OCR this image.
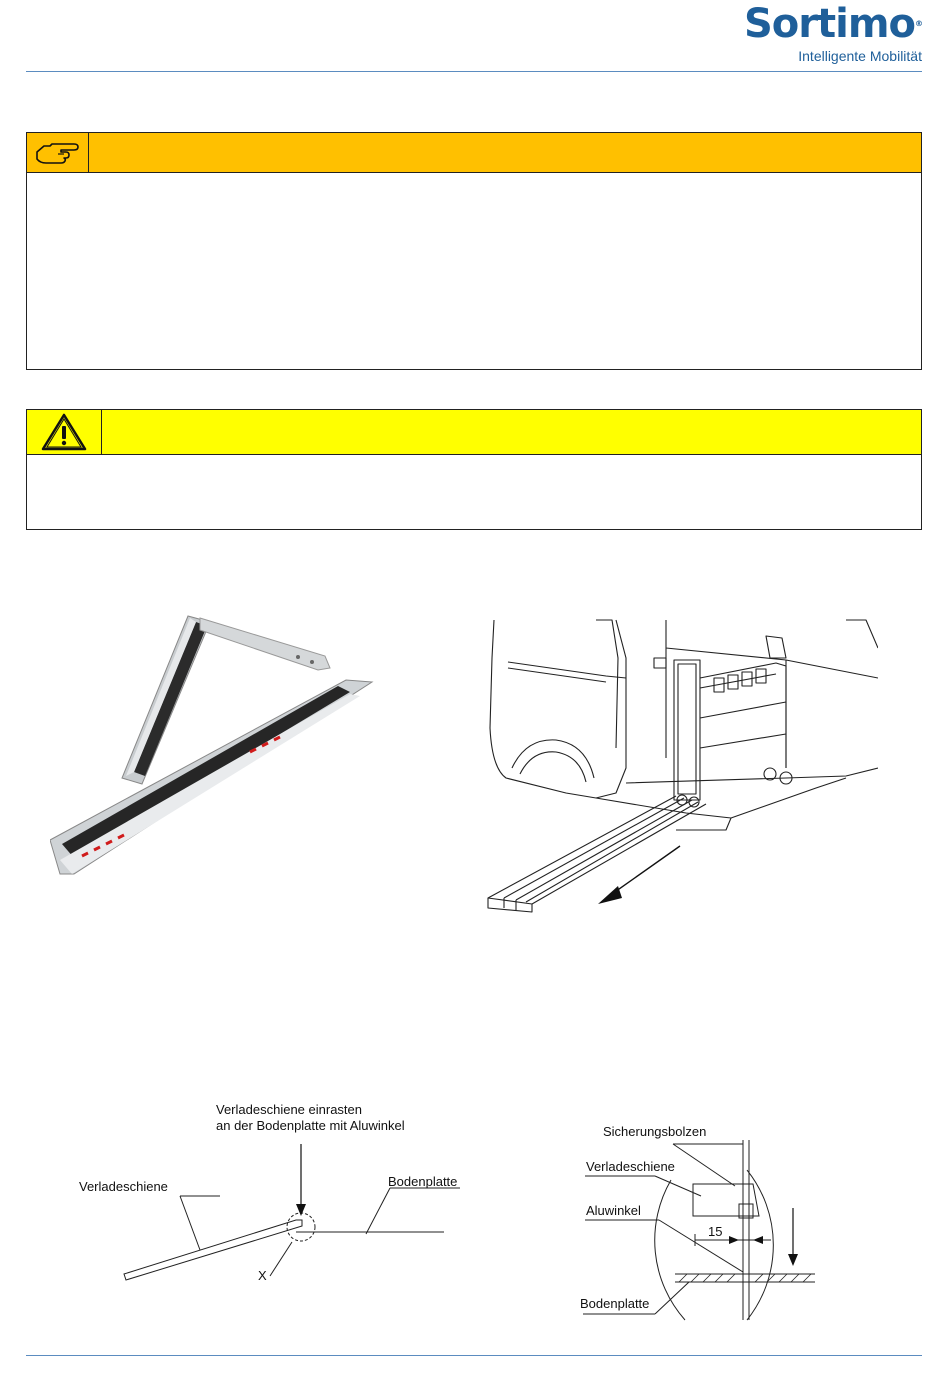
Sortimo®
Intelligente Mobilität
Verladeschiene einrasten
an der Bodenplatte mit Aluwinkel
Verladeschiene	Bodenplatte
X
Sicherungsbolzen
Verladeschiene
Aluwinkel
15
Bodenplatte
